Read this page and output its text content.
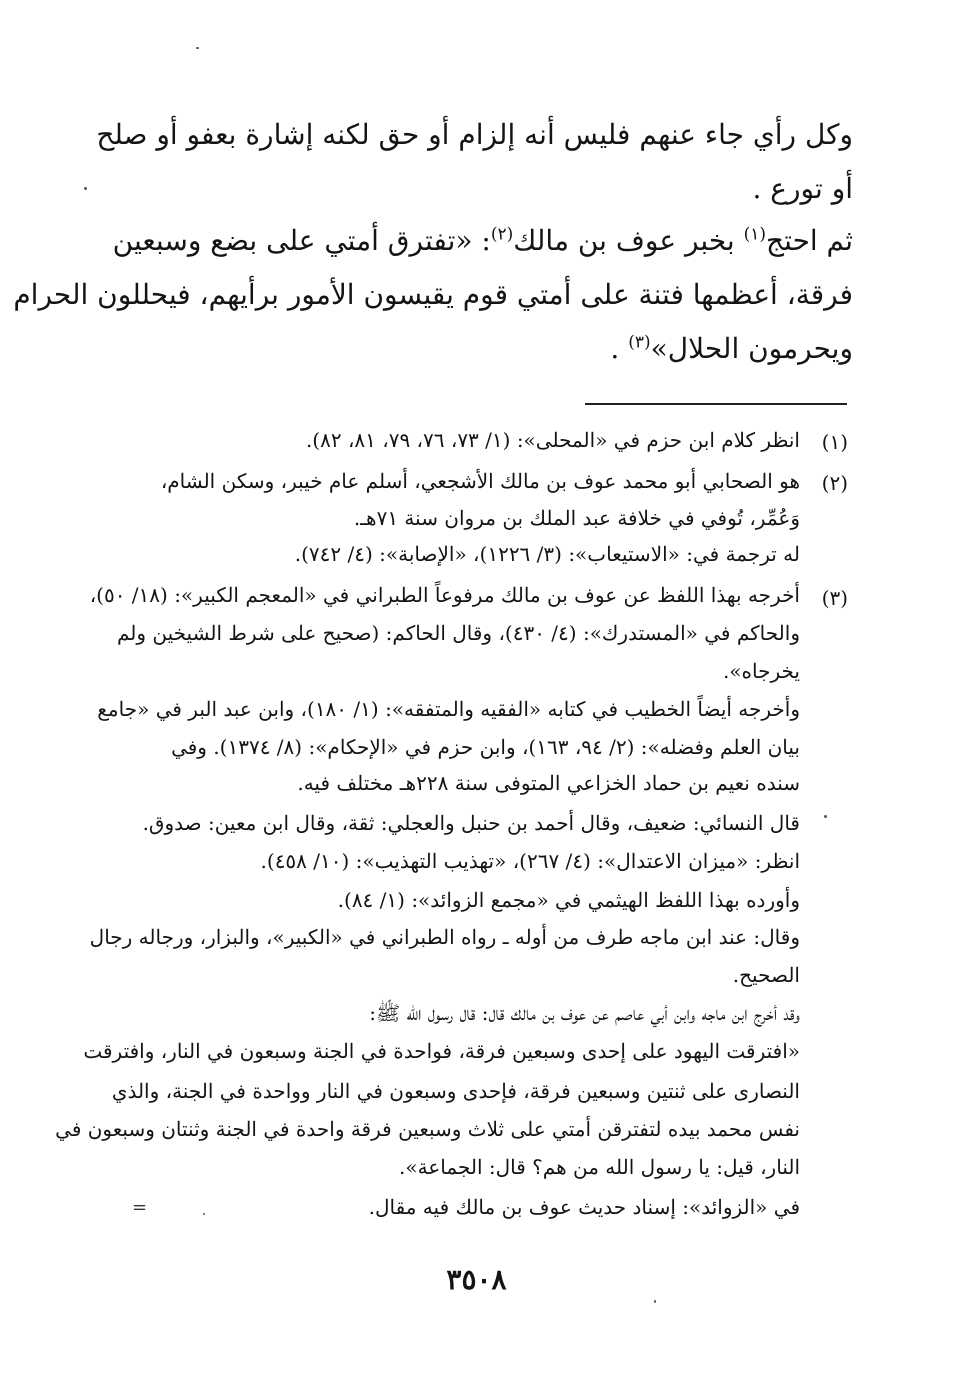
وكل رأي جاء عنهم فليس أنه إلزام أو حق لكنه إشارة بعفو أو صلح
أو تورع .
ثم احتج$^{(١)}$ بخبر عوف بن مالك$^{(٢)}$: «تفترق أمتي على بضع وسبعين
فرقة، أعظمها فتنة على أمتي قوم يقيسون الأمور برأيهم، فيحللون الحرام
ويحرمون الحلال»$^{(٣)}$ .
(١)
انظر كلام ابن حزم في «المحلى»: (١/ ٧٣، ٧٦، ٧٩، ٨١، ٨٢).
(٢)
هو الصحابي أبو محمد عوف بن مالك الأشجعي، أسلم عام خيبر، وسكن الشام،
وَعُمِّر، تُوفي في خلافة عبد الملك بن مروان سنة ٧١هـ.
له ترجمة في: «الاستيعاب»: (٣/ ١٢٢٦)، «الإصابة»: (٤/ ٧٤٢).
(٣)
أخرجه بهذا اللفظ عن عوف بن مالك مرفوعاً الطبراني في «المعجم الكبير»: (١٨/ ٥٠)،
والحاكم في «المستدرك»: (٤/ ٤٣٠)، وقال الحاكم: (صحيح على شرط الشيخين ولم
يخرجاه».
وأخرجه أيضاً الخطيب في كتابه «الفقيه والمتفقه»: (١/ ١٨٠)، وابن عبد البر في «جامع
بيان العلم وفضله»: (٢/ ٩٤، ١٦٣)، وابن حزم في «الإحكام»: (٨/ ١٣٧٤). وفي
سنده نعيم بن حماد الخزاعي المتوفى سنة ٢٢٨هـ مختلف فيه.
قال النسائي: ضعيف، وقال أحمد بن حنبل والعجلي: ثقة، وقال ابن معين: صدوق.
انظر: «ميزان الاعتدال»: (٤/ ٢٦٧)، «تهذيب التهذيب»: (١٠/ ٤٥٨).
وأورده بهذا اللفظ الهيثمي في «مجمع الزوائد»: (١/ ٨٤).
وقال: عند ابن ماجه طرف من أوله ـ رواه الطبراني في «الكبير»، والبزار، ورجاله رجال
الصحيح.
وقد أخرج ابن ماجه وابن أبي عاصم عن عوف بن مالك قال: قال رسول الله ﷺ:
«افترقت اليهود على إحدى وسبعين فرقة، فواحدة في الجنة وسبعون في النار، وافترقت
النصارى على ثنتين وسبعين فرقة، فإحدى وسبعون في النار وواحدة في الجنة، والذي
نفس محمد بيده لتفترقن أمتي على ثلاث وسبعين فرقة واحدة في الجنة وثنتان وسبعون في
النار، قيل: يا رسول الله من هم؟ قال: الجماعة».
في «الزوائد»: إسناد حديث عوف بن مالك فيه مقال.
=
٣٥٠٨
